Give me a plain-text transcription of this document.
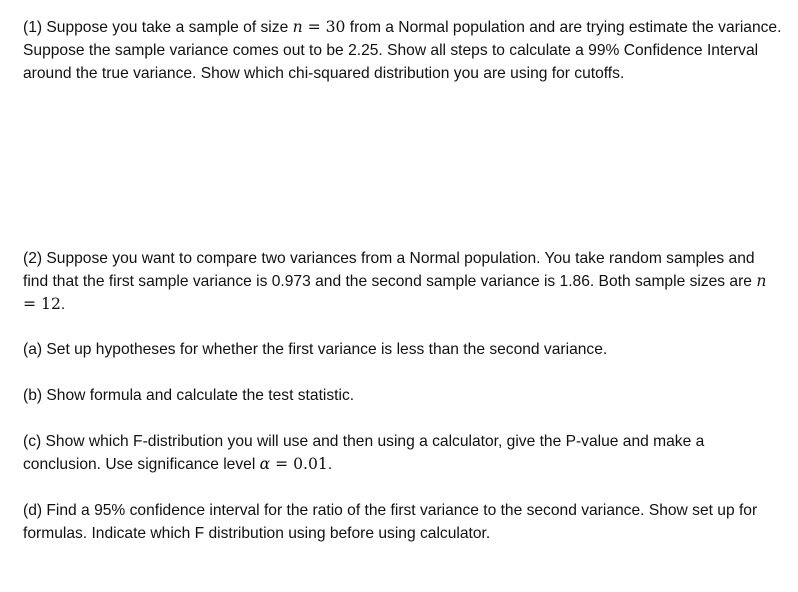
(1) Suppose you take a sample of size n = 30 from a Normal population and are trying estimate the variance. Suppose the sample variance comes out to be 2.25. Show all steps to calculate a 99% Confidence Interval around the true variance. Show which chi-squared distribution you are using for cutoffs.

(2) Suppose you want to compare two variances from a Normal population. You take random samples and find that the first sample variance is 0.973 and the second sample variance is 1.86. Both sample sizes are n = 12.

(a) Set up hypotheses for whether the first variance is less than the second variance.

(b) Show formula and calculate the test statistic.

(c) Show which F-distribution you will use and then using a calculator, give the P-value and make a conclusion. Use significance level α = 0.01.

(d) Find a 95% confidence interval for the ratio of the first variance to the second variance. Show set up for formulas. Indicate which F distribution using before using calculator.
